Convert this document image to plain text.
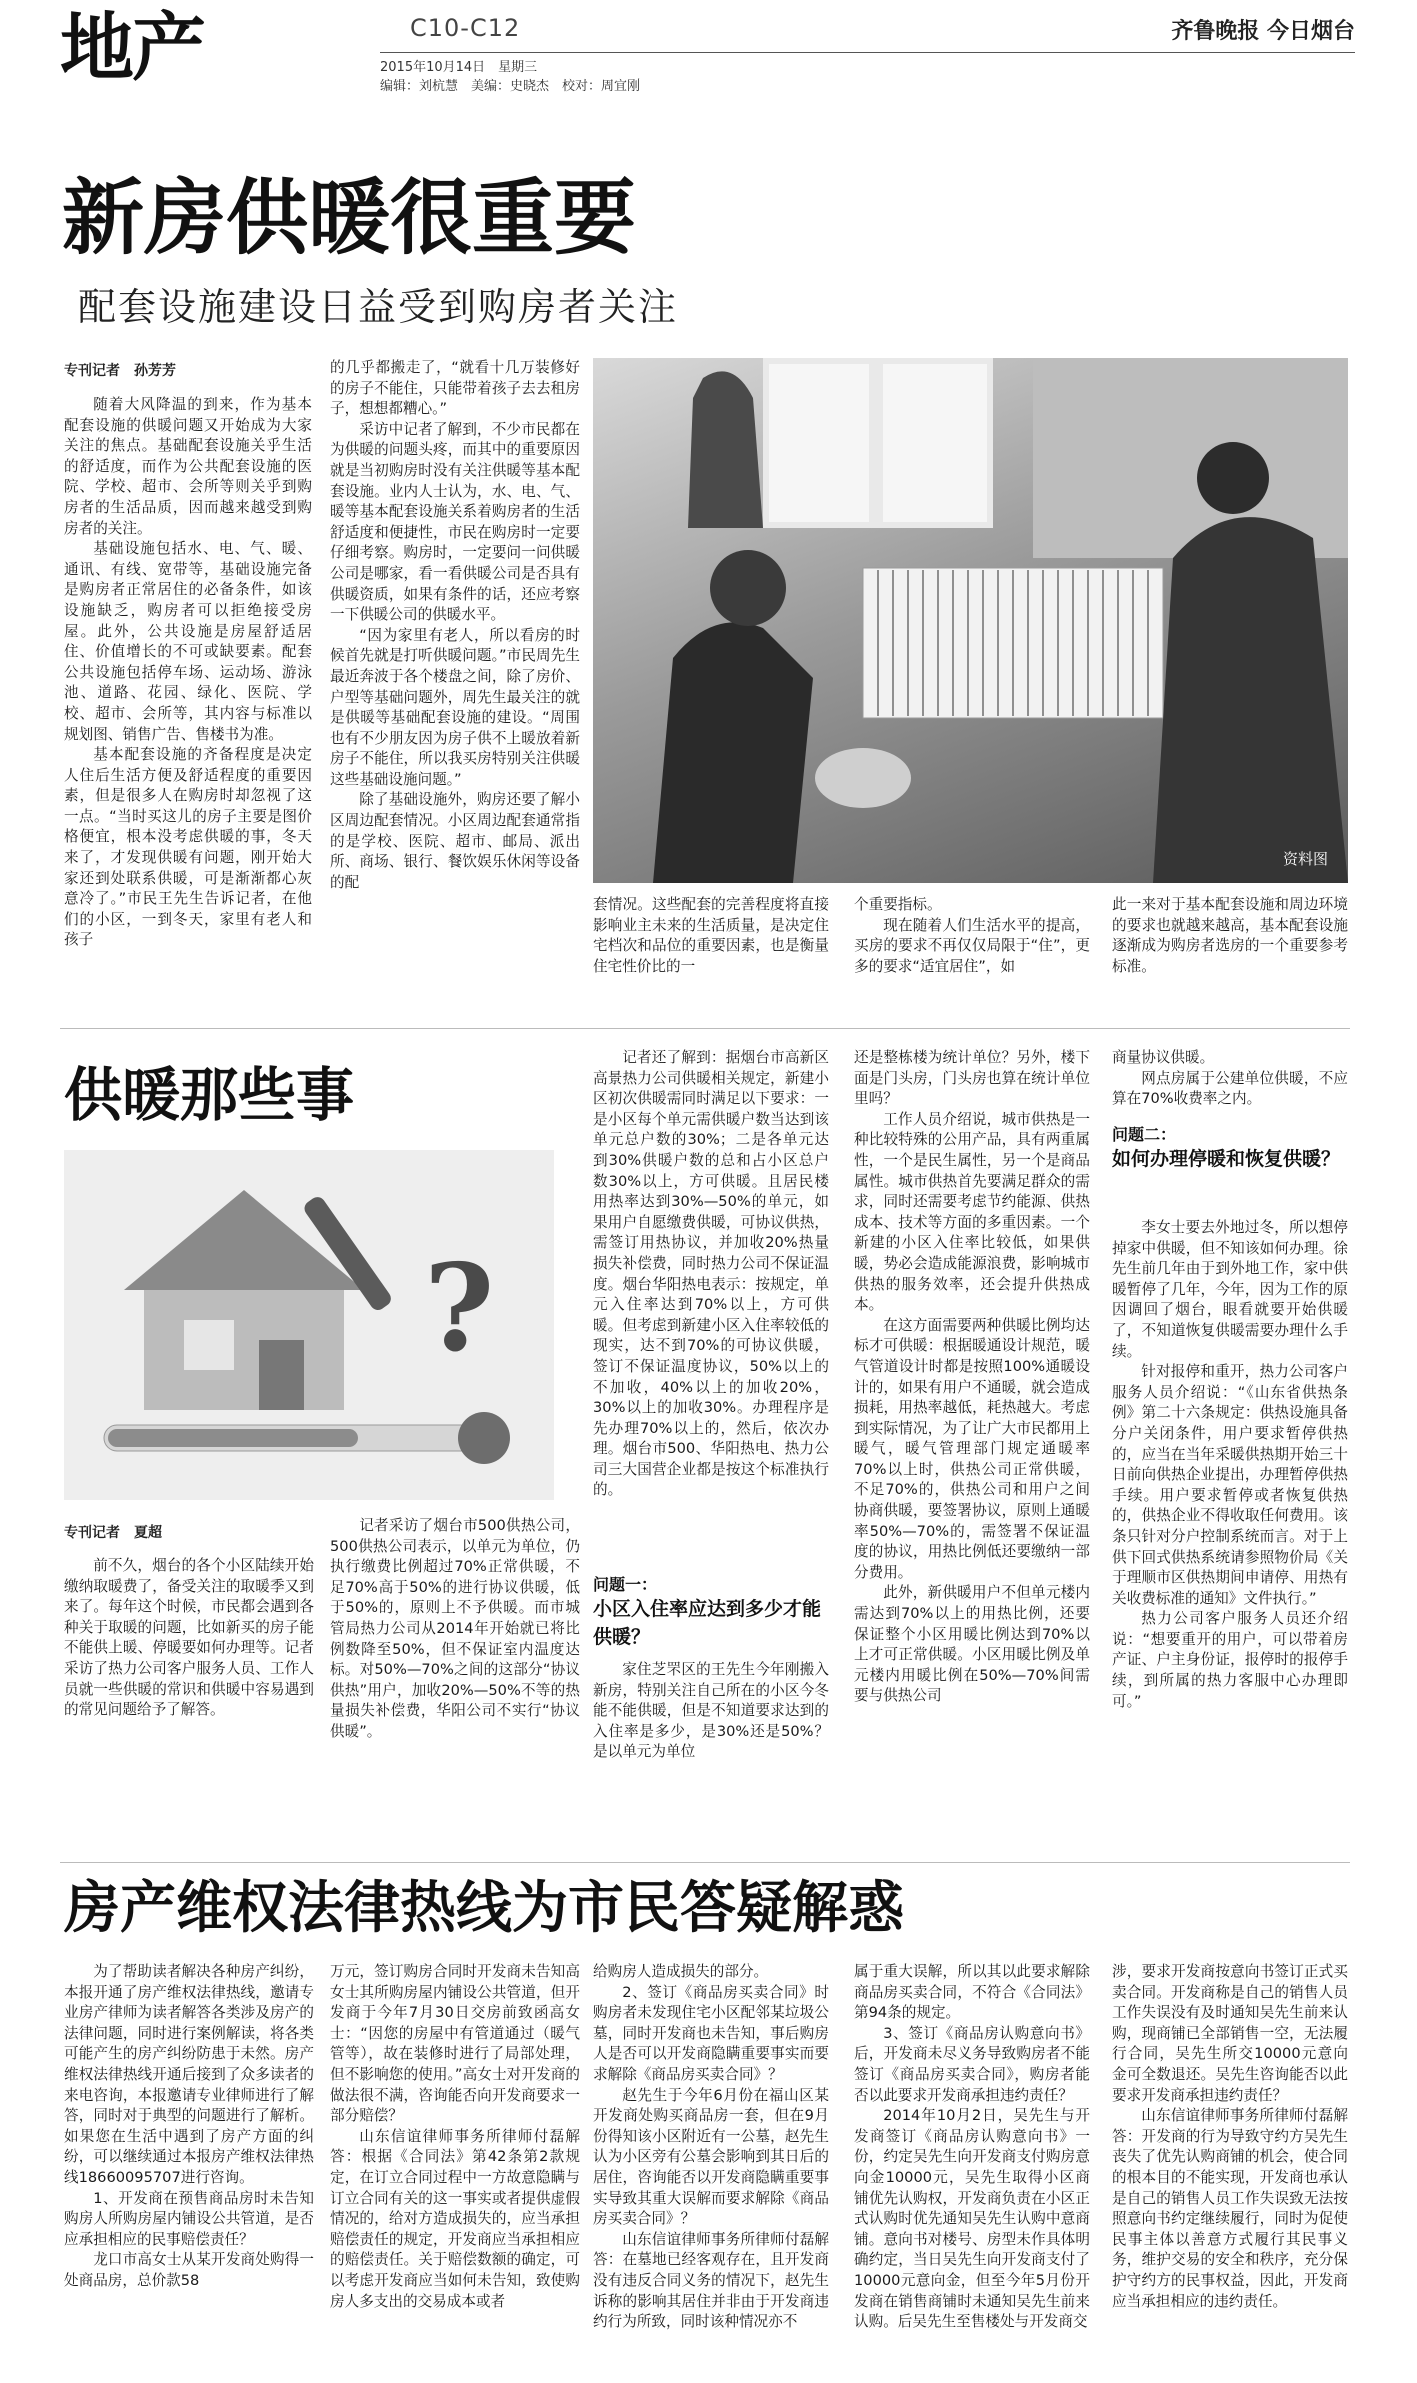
地产	C10-C12
2015年10月14日　星期三
编辑：刘杭慧　美编：史晓杰　校对：周宜刚
齐鲁晚报 今日烟台
新房供暖很重要
配套设施建设日益受到购房者关注
专刊记者　孙芳芳

随着大风降温的到来，作为基本配套设施的供暖问题又开始成为大家关注的焦点。基础配套设施关乎生活的舒适度，而作为公共配套设施的医院、学校、超市、会所等则关乎到购房者的生活品质，因而越来越受到购房者的关注。

基础设施包括水、电、气、暖、通讯、有线、宽带等，基础设施完备是购房者正常居住的必备条件，如该设施缺乏，购房者可以拒绝接受房屋。此外，公共设施是房屋舒适居住、价值增长的不可或缺要素。配套公共设施包括停车场、运动场、游泳池、道路、花园、绿化、医院、学校、超市、会所等，其内容与标准以规划图、销售广告、售楼书为准。

基本配套设施的齐备程度是决定人住后生活方便及舒适程度的重要因素，但是很多人在购房时却忽视了这一点。“当时买这儿的房子主要是图价格便宜，根本没考虑供暖的事，冬天来了，才发现供暖有问题，刚开始大家还到处联系供暖，可是渐渐都心灰意冷了。”市民王先生告诉记者，在他们的小区，一到冬天，家里有老人和孩子

的几乎都搬走了，“就看十几万装修好的房子不能住，只能带着孩子去去租房子，想想都糟心。”

采访中记者了解到，不少市民都在为供暖的问题头疼，而其中的重要原因就是当初购房时没有关注供暖等基本配套设施。业内人士认为，水、电、气、暖等基本配套设施关系着购房者的生活舒适度和便捷性，市民在购房时一定要仔细考察。购房时，一定要问一问供暖公司是哪家，看一看供暖公司是否具有供暖资质，如果有条件的话，还应考察一下供暖公司的供暖水平。

“因为家里有老人，所以看房的时候首先就是打听供暖问题。”市民周先生最近奔波于各个楼盘之间，除了房价、户型等基础问题外，周先生最关注的就是供暖等基础配套设施的建设。“周围也有不少朋友因为房子供不上暖放着新房子不能住，所以我买房特别关注供暖这些基础设施问题。”

除了基础设施外，购房还要了解小区周边配套情况。小区周边配套通常指的是学校、医院、超市、邮局、派出所、商场、银行、餐饮娱乐休闲等设备的配

资料图

套情况。这些配套的完善程度将直接影响业主未来的生活质量，是决定住宅档次和品位的重要因素，也是衡量住宅性价比的一

个重要指标。

现在随着人们生活水平的提高，买房的要求不再仅仅局限于“住”，更多的要求“适宜居住”，如

此一来对于基本配套设施和周边环境的要求也就越来越高，基本配套设施逐渐成为购房者选房的一个重要参考标准。

供暖那些事
?
专刊记者　夏超

前不久，烟台的各个小区陆续开始缴纳取暖费了，备受关注的取暖季又到来了。每年这个时候，市民都会遇到各种关于取暖的问题，比如新买的房子能不能供上暖、停暖要如何办理等。记者采访了热力公司客户服务人员、工作人员就一些供暖的常识和供暖中容易遇到的常见问题给予了解答。

记者采访了烟台市500供热公司，500供热公司表示，以单元为单位，仍执行缴费比例超过70%正常供暖，不足70%高于50%的进行协议供暖，低于50%的，原则上不予供暖。而市城管局热力公司从2014年开始就已将比例数降至50%，但不保证室内温度达标。对50%—70%之间的这部分“协议供热”用户，加收20%—50%不等的热量损失补偿费，华阳公司不实行“协议供暖”。

记者还了解到：据烟台市高新区高景热力公司供暖相关规定，新建小区初次供暖需同时满足以下要求：一是小区每个单元需供暖户数当达到该单元总户数的30%；二是各单元达到30%供暖户数的总和占小区总户数30%以上，方可供暖。且居民楼用热率达到30%—50%的单元，如果用户自愿缴费供暖，可协议供热，需签订用热协议，并加收20%热量损失补偿费，同时热力公司不保证温度。烟台华阳热电表示：按规定，单元入住率达到70%以上，方可供暖。但考虑到新建小区入住率较低的现实，达不到70%的可协议供暖，签订不保证温度协议，50%以上的不加收，40%以上的加收20%，30%以上的加收30%。办理程序是先办理70%以上的，然后，依次办理。烟台市500、华阳热电、热力公司三大国营企业都是按这个标准执行的。

问题一：
小区入住率应达到多少才能供暖？

家住芝罘区的王先生今年刚搬入新房，特别关注自己所在的小区今冬能不能供暖，但是不知道要求达到的入住率是多少，是30%还是50%？是以单元为单位

还是整栋楼为统计单位？另外，楼下面是门头房，门头房也算在统计单位里吗？

工作人员介绍说，城市供热是一种比较特殊的公用产品，具有两重属性，一个是民生属性，另一个是商品属性。城市供热首先要满足群众的需求，同时还需要考虑节约能源、供热成本、技术等方面的多重因素。一个新建的小区入住率比较低，如果供暖，势必会造成能源浪费，影响城市供热的服务效率，还会提升供热成本。

在这方面需要两种供暖比例均达标才可供暖：根据暖通设计规范，暖气管道设计时都是按照100%通暖设计的，如果有用户不通暖，就会造成损耗，用热率越低，耗热越大。考虑到实际情况，为了让广大市民都用上暖气，暖气管理部门规定通暖率70%以上时，供热公司正常供暖，不足70%的，供热公司和用户之间协商供暖，要签署协议，原则上通暖率50%—70%的，需签署不保证温度的协议，用热比例低还要缴纳一部分费用。

此外，新供暖用户不但单元楼内需达到70%以上的用热比例，还要保证整个小区用暖比例达到70%以上才可正常供暖。小区用暖比例及单元楼内用暖比例在50%—70%间需要与供热公司

商量协议供暖。

网点房属于公建单位供暖，不应算在70%收费率之内。

问题二：
如何办理停暖和恢复供暖？

李女士要去外地过冬，所以想停掉家中供暖，但不知该如何办理。徐先生前几年由于到外地工作，家中供暖暂停了几年，今年，因为工作的原因调回了烟台，眼看就要开始供暖了，不知道恢复供暖需要办理什么手续。

针对报停和重开，热力公司客户服务人员介绍说：“《山东省供热条例》第二十六条规定：供热设施具备分户关闭条件，用户要求暂停供热的，应当在当年采暖供热期开始三十日前向供热企业提出，办理暂停供热手续。用户要求暂停或者恢复供热的，供热企业不得收取任何费用。该条只针对分户控制系统而言。对于上供下回式供热系统请参照物价局《关于理顺市区供热期间申请停、用热有关收费标准的通知》文件执行。”

热力公司客户服务人员还介绍说：“想要重开的用户，可以带着房产证、户主身份证，报停时的报停手续，到所属的热力客服中心办理即可。”

房产维权法律热线为市民答疑解惑

为了帮助读者解决各种房产纠纷，本报开通了房产维权法律热线，邀请专业房产律师为读者解答各类涉及房产的法律问题，同时进行案例解读，将各类可能产生的房产纠纷防患于未然。房产维权法律热线开通后接到了众多读者的来电咨询，本报邀请专业律师进行了解答，同时对于典型的问题进行了解析。如果您在生活中遇到了房产方面的纠纷，可以继续通过本报房产维权法律热线18660095707进行咨询。

1、开发商在预售商品房时未告知购房人所购房屋内铺设公共管道，是否应承担相应的民事赔偿责任？

龙口市高女士从某开发商处购得一处商品房，总价款58

万元，签订购房合同时开发商未告知高女士其所购房屋内铺设公共管道，但开发商于今年7月30日交房前致函高女士：“因您的房屋中有管道通过（暖气管等），故在装修时进行了局部处理，但不影响您的使用。”高女士对开发商的做法很不满，咨询能否向开发商要求一部分赔偿？

山东信谊律师事务所律师付磊解答：根据《合同法》第42条第2款规定，在订立合同过程中一方故意隐瞒与订立合同有关的这一事实或者提供虚假情况的，给对方造成损失的，应当承担赔偿责任的规定，开发商应当承担相应的赔偿责任。关于赔偿数额的确定，可以考虑开发商应当如何未告知，致使购房人多支出的交易成本或者

给购房人造成损失的部分。

2、签订《商品房买卖合同》时购房者未发现住宅小区配邻某垃圾公墓，同时开发商也未告知，事后购房人是否可以开发商隐瞒重要事实而要求解除《商品房买卖合同》？

赵先生于今年6月份在福山区某开发商处购买商品房一套，但在9月份得知该小区附近有一公墓，赵先生认为小区旁有公墓会影响到其日后的居住，咨询能否以开发商隐瞒重要事实导致其重大误解而要求解除《商品房买卖合同》？

山东信谊律师事务所律师付磊解答：在墓地已经客观存在，且开发商没有违反合同义务的情况下，赵先生诉称的影响其居住并非由于开发商违约行为所致，同时该种情况亦不

属于重大误解，所以其以此要求解除商品房买卖合同，不符合《合同法》第94条的规定。

3、签订《商品房认购意向书》后，开发商未尽义务导致购房者不能签订《商品房买卖合同》，购房者能否以此要求开发商承担违约责任？

2014年10月2日，吴先生与开发商签订《商品房认购意向书》一份，约定吴先生向开发商支付购房意向金10000元，吴先生取得小区商铺优先认购权，开发商负责在小区正式认购时优先通知吴先生认购中意商铺。意向书对楼号、房型未作具体明确约定，当日吴先生向开发商支付了10000元意向金，但至今年5月份开发商在销售商铺时未通知吴先生前来认购。后吴先生至售楼处与开发商交

涉，要求开发商按意向书签订正式买卖合同。开发商称是自己的销售人员工作失误没有及时通知吴先生前来认购，现商铺已全部销售一空，无法履行合同，吴先生所交10000元意向金可全数退还。吴先生咨询能否以此要求开发商承担违约责任？

山东信谊律师事务所律师付磊解答：开发商的行为导致守约方吴先生丧失了优先认购商铺的机会，使合同的根本目的不能实现，开发商也承认是自己的销售人员工作失误致无法按照意向书约定继续履行，同时为促使民事主体以善意方式履行其民事义务，维护交易的安全和秩序，充分保护守约方的民事权益，因此，开发商应当承担相应的违约责任。
